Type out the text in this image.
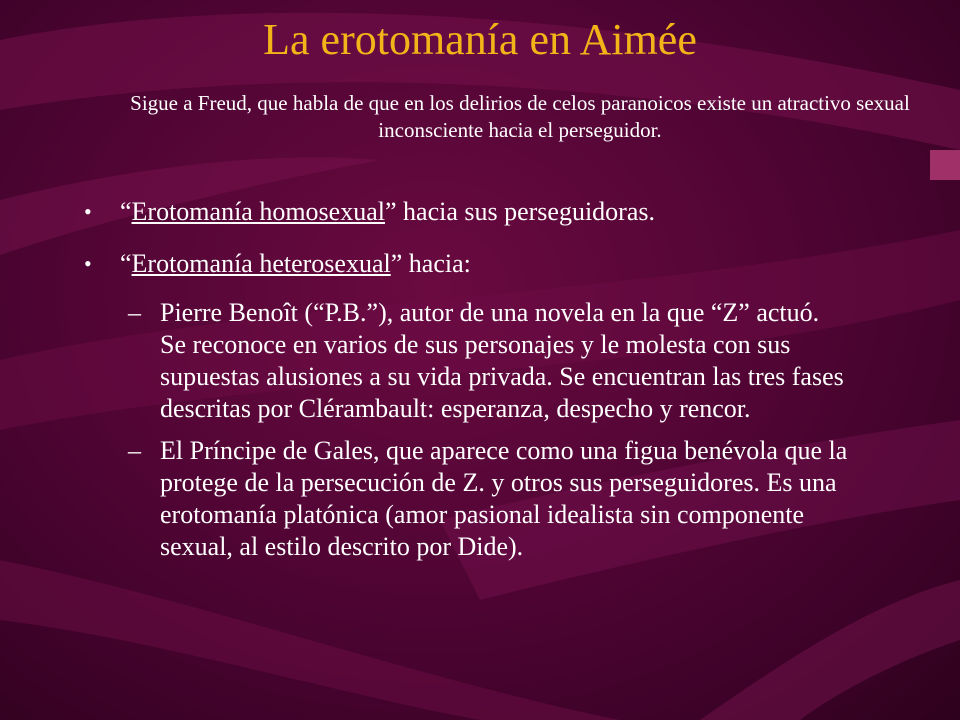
La erotomanía en Aimée
Sigue a Freud, que habla de que en los delirios de celos paranoicos existe un atractivo sexual inconsciente hacia el perseguidor.
• “Erotomanía homosexual” hacia sus perseguidoras.
• “Erotomanía heterosexual” hacia:
– Pierre Benoît (“P.B.”), autor de una novela en la que “Z” actuó. Se reconoce en varios de sus personajes y le molesta con sus supuestas alusiones a su vida privada. Se encuentran las tres fases descritas por Clérambault: esperanza, despecho y rencor.
– El Príncipe de Gales, que aparece como una figua benévola que la protege de la persecución de Z. y otros sus perseguidores. Es una erotomanía platónica (amor pasional idealista sin componente sexual, al estilo descrito por Dide).
